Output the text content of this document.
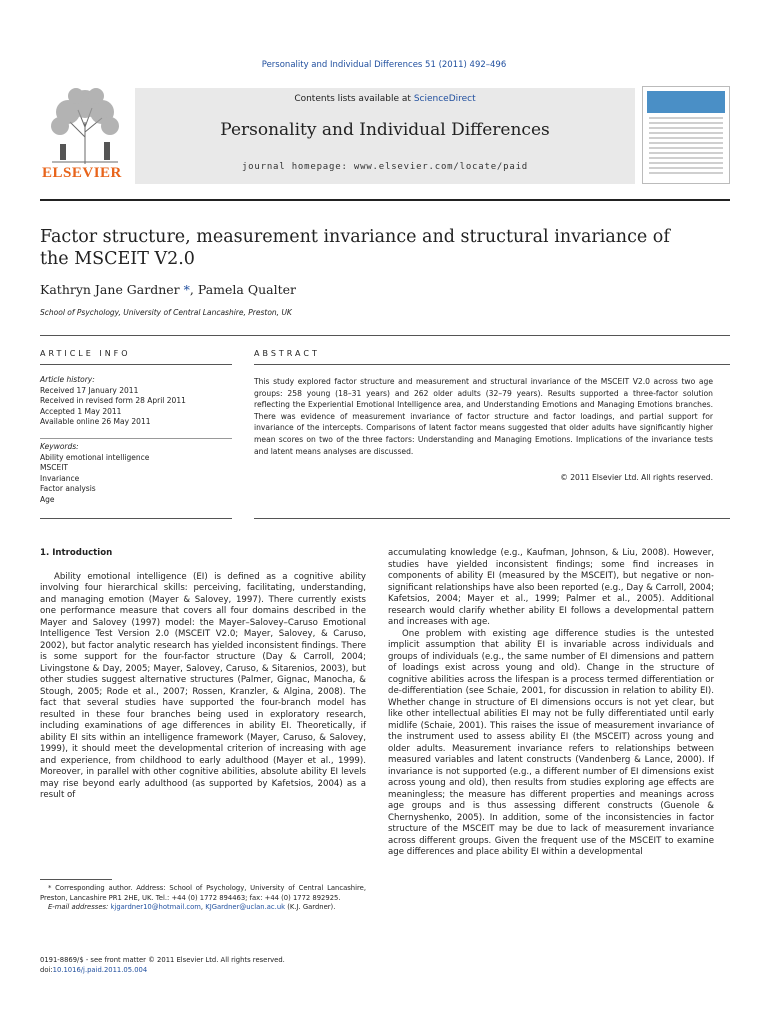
Personality and Individual Differences 51 (2011) 492–496
ELSEVIER
Contents lists available at ScienceDirect
Personality and Individual Differences
journal homepage: www.elsevier.com/locate/paid
Factor structure, measurement invariance and structural invariance of the MSCEIT V2.0
Kathryn Jane Gardner *, Pamela Qualter
School of Psychology, University of Central Lancashire, Preston, UK
ARTICLE INFO	ABSTRACT
Article history:
Received 17 January 2011
Received in revised form 28 April 2011
Accepted 1 May 2011
Available online 26 May 2011
Keywords:
Ability emotional intelligence
MSCEIT
Invariance
Factor analysis
Age
This study explored factor structure and measurement and structural invariance of the MSCEIT V2.0 across two age groups: 258 young (18–31 years) and 262 older adults (32–79 years). Results supported a three-factor solution reflecting the Experiential Emotional Intelligence area, and Understanding Emotions and Managing Emotions branches. There was evidence of measurement invariance of factor structure and factor loadings, and partial support for invariance of the intercepts. Comparisons of latent factor means suggested that older adults have significantly higher mean scores on two of the three factors: Understanding and Managing Emotions. Implications of the invariance tests and latent means analyses are discussed.
© 2011 Elsevier Ltd. All rights reserved.
1. Introduction

Ability emotional intelligence (EI) is defined as a cognitive ability involving four hierarchical skills: perceiving, facilitating, understanding, and managing emotion (Mayer & Salovey, 1997). There currently exists one performance measure that covers all four domains described in the Mayer and Salovey (1997) model: the Mayer–Salovey–Caruso Emotional Intelligence Test Version 2.0 (MSCEIT V2.0; Mayer, Salovey, & Caruso, 2002), but factor analytic research has yielded inconsistent findings. There is some support for the four-factor structure (Day & Carroll, 2004; Livingstone & Day, 2005; Mayer, Salovey, Caruso, & Sitarenios, 2003), but other studies suggest alternative structures (Palmer, Gignac, Manocha, & Stough, 2005; Rode et al., 2007; Rossen, Kranzler, & Algina, 2008). The fact that several studies have supported the four-branch model has resulted in these four branches being used in exploratory research, including examinations of age differences in ability EI. Theoretically, if ability EI sits within an intelligence framework (Mayer, Caruso, & Salovey, 1999), it should meet the developmental criterion of increasing with age and experience, from childhood to early adulthood (Mayer et al., 1999). Moreover, in parallel with other cognitive abilities, absolute ability EI levels may rise beyond early adulthood (as supported by Kafetsios, 2004) as a result of

accumulating knowledge (e.g., Kaufman, Johnson, & Liu, 2008). However, studies have yielded inconsistent findings; some find increases in components of ability EI (measured by the MSCEIT), but negative or non-significant relationships have also been reported (e.g., Day & Carroll, 2004; Kafetsios, 2004; Mayer et al., 1999; Palmer et al., 2005). Additional research would clarify whether ability EI follows a developmental pattern and increases with age.

One problem with existing age difference studies is the untested implicit assumption that ability EI is invariable across individuals and groups of individuals (e.g., the same number of EI dimensions and pattern of loadings exist across young and old). Change in the structure of cognitive abilities across the lifespan is a process termed differentiation or de-differentiation (see Schaie, 2001, for discussion in relation to ability EI). Whether change in structure of EI dimensions occurs is not yet clear, but like other intellectual abilities EI may not be fully differentiated until early midlife (Schaie, 2001). This raises the issue of measurement invariance of the instrument used to assess ability EI (the MSCEIT) across young and older adults. Measurement invariance refers to relationships between measured variables and latent constructs (Vandenberg & Lance, 2000). If invariance is not supported (e.g., a different number of EI dimensions exist across young and old), then results from studies exploring age effects are meaningless; the measure has different properties and meanings across age groups and is thus assessing different constructs (Guenole & Chernyshenko, 2005). In addition, some of the inconsistencies in factor structure of the MSCEIT may be due to lack of measurement invariance across different groups. Given the frequent use of the MSCEIT to examine age differences and place ability EI within a developmental

* Corresponding author. Address: School of Psychology, University of Central Lancashire, Preston, Lancashire PR1 2HE, UK. Tel.: +44 (0) 1772 894463; fax: +44 (0) 1772 892925.
E-mail addresses: kjgardner10@hotmail.com, KJGardner@uclan.ac.uk (K.J. Gardner).
0191-8869/$ - see front matter © 2011 Elsevier Ltd. All rights reserved.
doi:10.1016/j.paid.2011.05.004
